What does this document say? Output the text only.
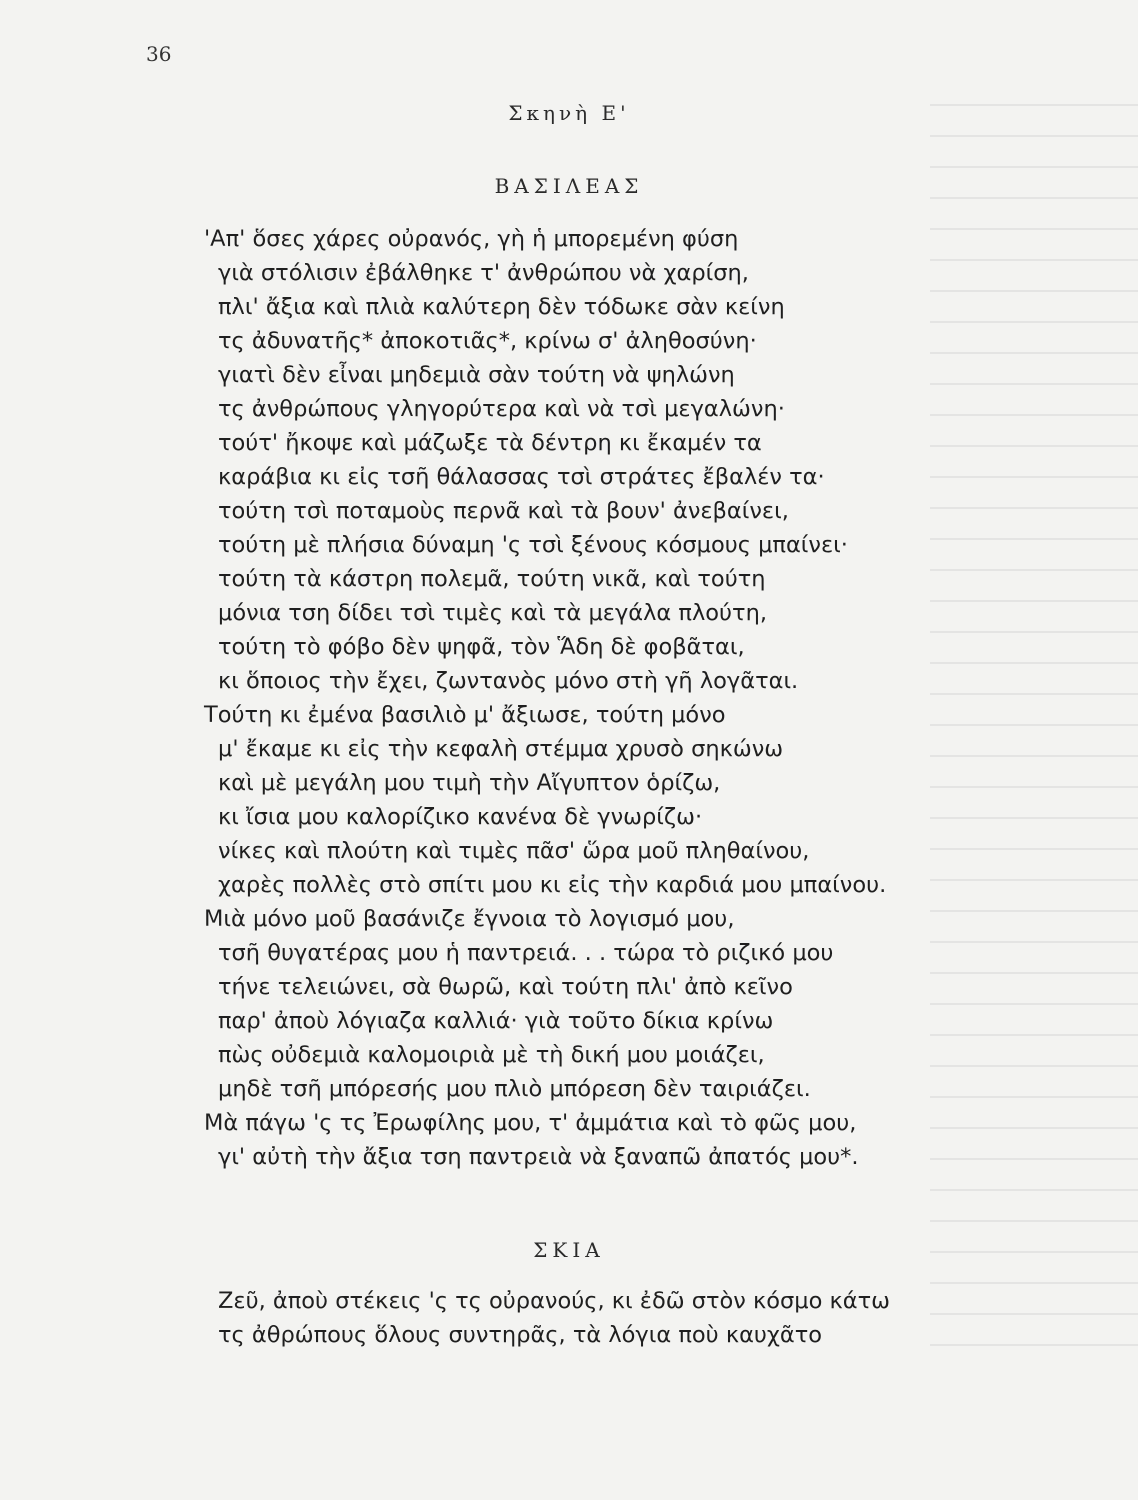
36
Σκηνὴ Ε'
ΒΑΣΙΛΕΑΣ
'Απ' ὅσες χάρες οὐρανός, γὴ ἡ μπορεμένη φύση
γιὰ στόλισιν ἐβάλθηκε τ' ἀνθρώπου νὰ χαρίση,
πλι' ἄξια καὶ πλιὰ καλύτερη δὲν τόδωκε σὰν κείνη
τς ἀδυνατῆς* ἀποκοτιᾶς*, κρίνω σ' ἀληθοσύνη·
γιατὶ δὲν εἶναι μηδεμιὰ σὰν τούτη νὰ ψηλώνη
τς ἀνθρώπους γληγορύτερα καὶ νὰ τσὶ μεγαλώνη·
τούτ' ἤκοψε καὶ μάζωξε τὰ δέντρη κι ἔκαμέν τα
καράβια κι εἰς τσῆ θάλασσας τσὶ στράτες ἔβαλέν τα·
τούτη τσὶ ποταμοὺς περνᾶ καὶ τὰ βουν' ἀνεβαίνει,
τούτη μὲ πλήσια δύναμη 'ς τσὶ ξένους κόσμους μπαίνει·
τούτη τὰ κάστρη πολεμᾶ, τούτη νικᾶ, καὶ τούτη
μόνια τση δίδει τσὶ τιμὲς καὶ τὰ μεγάλα πλούτη,
τούτη τὸ φόβο δὲν ψηφᾶ, τὸν Ἅδη δὲ φοβᾶται,
κι ὅποιος τὴν ἔχει, ζωντανὸς μόνο στὴ γῆ λογᾶται.
Τούτη κι ἐμένα βασιλιὸ μ' ἄξιωσε, τούτη μόνο
μ' ἔκαμε κι εἰς τὴν κεφαλὴ στέμμα χρυσὸ σηκώνω
καὶ μὲ μεγάλη μου τιμὴ τὴν Αἴγυπτον ὁρίζω,
κι ἴσια μου καλορίζικο κανένα δὲ γνωρίζω·
νίκες καὶ πλούτη καὶ τιμὲς πᾶσ' ὥρα μοῦ πληθαίνου,
χαρὲς πολλὲς στὸ σπίτι μου κι εἰς τὴν καρδιά μου μπαίνου.
Μιὰ μόνο μοῦ βασάνιζε ἔγνοια τὸ λογισμό μου,
τσῆ θυγατέρας μου ἡ παντρειά. . . τώρα τὸ ριζικό μου
τήνε τελειώνει, σὰ θωρῶ, καὶ τούτη πλι' ἀπὸ κεῖνο
παρ' ἀποὺ λόγιαζα καλλιά· γιὰ τοῦτο δίκια κρίνω
πὼς οὐδεμιὰ καλομοιριὰ μὲ τὴ δική μου μοιάζει,
μηδὲ τσῆ μπόρεσής μου πλιὸ μπόρεση δὲν ταιριάζει.
Μὰ πάγω 'ς τς Ἐρωφίλης μου, τ' ἀμμάτια καὶ τὸ φῶς μου,
γι' αὐτὴ τὴν ἄξια τση παντρειὰ νὰ ξαναπῶ ἀπατός μου*.
ΣΚΙΑ
Ζεῦ, ἀποὺ στέκεις 'ς τς οὐρανούς, κι ἐδῶ στὸν κόσμο κάτω
τς ἀθρώπους ὅλους συντηρᾶς, τὰ λόγια ποὺ καυχᾶτο
